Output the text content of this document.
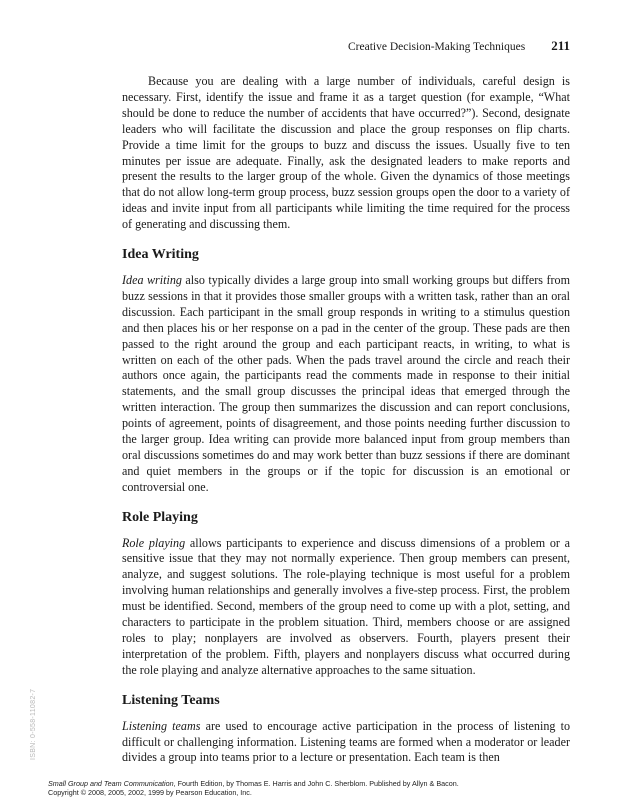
Creative Decision-Making Techniques 211

Because you are dealing with a large number of individuals, careful design is necessary. First, identify the issue and frame it as a target question (for example, “What should be done to reduce the number of accidents that have occurred?”). Second, designate leaders who will facilitate the discussion and place the group responses on flip charts. Provide a time limit for the groups to buzz and discuss the issues. Usually five to ten minutes per issue are adequate. Finally, ask the designated leaders to make reports and present the results to the larger group of the whole. Given the dynamics of those meetings that do not allow long-term group process, buzz session groups open the door to a variety of ideas and invite input from all participants while limiting the time required for the process of generating and discussing them.

Idea Writing

Idea writing also typically divides a large group into small working groups but differs from buzz sessions in that it provides those smaller groups with a written task, rather than an oral discussion. Each participant in the small group responds in writing to a stimulus question and then places his or her response on a pad in the center of the group. These pads are then passed to the right around the group and each participant reacts, in writing, to what is written on each of the other pads. When the pads travel around the circle and reach their authors once again, the participants read the comments made in response to their initial statements, and the small group discusses the principal ideas that emerged through the written interaction. The group then summarizes the discussion and can report conclusions, points of agreement, points of disagreement, and those points needing further discussion to the larger group. Idea writing can provide more balanced input from group members than oral discussions sometimes do and may work better than buzz sessions if there are dominant and quiet members in the groups or if the topic for discussion is an emotional or controversial one.

Role Playing

Role playing allows participants to experience and discuss dimensions of a problem or a sensitive issue that they may not normally experience. Then group members can present, analyze, and suggest solutions. The role-playing technique is most useful for a problem involving human relationships and generally involves a five-step process. First, the problem must be identified. Second, members of the group need to come up with a plot, setting, and characters to participate in the problem situation. Third, members choose or are assigned roles to play; nonplayers are involved as observers. Fourth, players present their interpretation of the problem. Fifth, players and nonplayers discuss what occurred during the role playing and analyze alternative approaches to the same situation.

Listening Teams

Listening teams are used to encourage active participation in the process of listening to difficult or challenging information. Listening teams are formed when a moderator or leader divides a group into teams prior to a lecture or presentation. Each team is then

ISBN: 0-558-11082-7
Small Group and Team Communication, Fourth Edition, by Thomas E. Harris and John C. Sherblom. Published by Allyn & Bacon.
Copyright © 2008, 2005, 2002, 1999 by Pearson Education, Inc.
